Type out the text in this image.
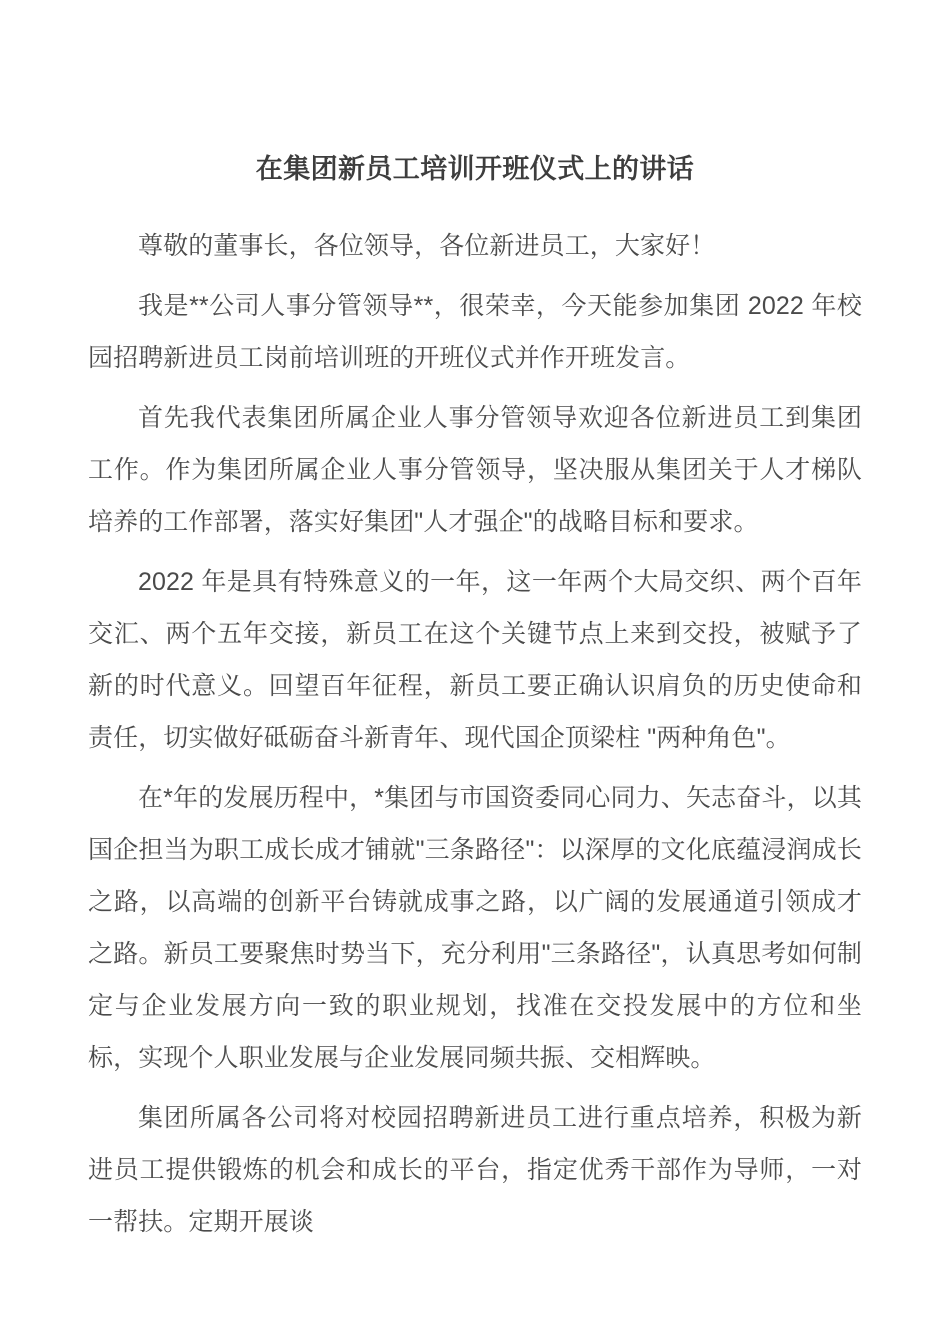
在集团新员工培训开班仪式上的讲话

尊敬的董事长，各位领导，各位新进员工，大家好！

我是**公司人事分管领导**，很荣幸，今天能参加集团 2022 年校园招聘新进员工岗前培训班的开班仪式并作开班发言。

首先我代表集团所属企业人事分管领导欢迎各位新进员工到集团工作。作为集团所属企业人事分管领导，坚决服从集团关于人才梯队培养的工作部署，落实好集团"人才强企"的战略目标和要求。

2022 年是具有特殊意义的一年，这一年两个大局交织、两个百年交汇、两个五年交接，新员工在这个关键节点上来到交投，被赋予了新的时代意义。回望百年征程，新员工要正确认识肩负的历史使命和责任，切实做好砥砺奋斗新青年、现代国企顶梁柱 "两种角色"。

在*年的发展历程中，*集团与市国资委同心同力、矢志奋斗，以其国企担当为职工成长成才铺就"三条路径"：以深厚的文化底蕴浸润成长之路，以高端的创新平台铸就成事之路，以广阔的发展通道引领成才之路。新员工要聚焦时势当下，充分利用"三条路径"，认真思考如何制定与企业发展方向一致的职业规划，找准在交投发展中的方位和坐标，实现个人职业发展与企业发展同频共振、交相辉映。

集团所属各公司将对校园招聘新进员工进行重点培养，积极为新进员工提供锻炼的机会和成长的平台，指定优秀干部作为导师，一对一帮扶。定期开展谈
